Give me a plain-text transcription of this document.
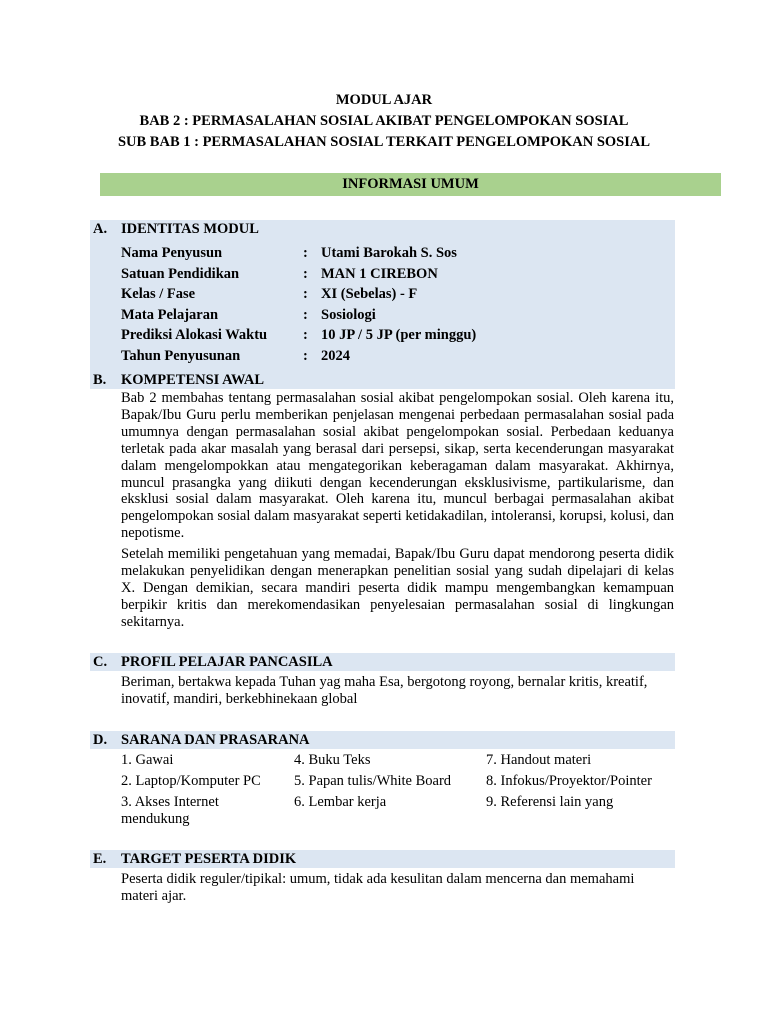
MODUL AJAR
BAB 2 : PERMASALAHAN SOSIAL AKIBAT PENGELOMPOKAN SOSIAL
SUB BAB 1 : PERMASALAHAN SOSIAL TERKAIT PENGELOMPOKAN SOSIAL
INFORMASI UMUM
A. IDENTITAS MODUL
Nama Penyusun	: Utami Barokah S. Sos
Satuan Pendidikan	: MAN 1 CIREBON
Kelas / Fase	: XI (Sebelas) - F
Mata Pelajaran	: Sosiologi
Prediksi Alokasi Waktu	: 10 JP / 5 JP (per minggu)
Tahun Penyusunan	: 2024
B. KOMPETENSI AWAL
Bab 2 membahas tentang permasalahan sosial akibat pengelompokan sosial. Oleh karena itu, Bapak/Ibu Guru perlu memberikan penjelasan mengenai perbedaan permasalahan sosial pada umumnya dengan permasalahan sosial akibat pengelompokan sosial. Perbedaan keduanya terletak pada akar masalah yang berasal dari persepsi, sikap, serta kecenderungan masyarakat dalam mengelompokkan atau mengategorikan keberagaman dalam masyarakat. Akhirnya, muncul prasangka yang diikuti dengan kecenderungan eksklusivisme, partikularisme, dan eksklusi sosial dalam masyarakat. Oleh karena itu, muncul berbagai permasalahan akibat pengelompokan sosial dalam masyarakat seperti ketidakadilan, intoleransi, korupsi, kolusi, dan nepotisme.
Setelah memiliki pengetahuan yang memadai, Bapak/Ibu Guru dapat mendorong peserta didik melakukan penyelidikan dengan menerapkan penelitian sosial yang sudah dipelajari di kelas X. Dengan demikian, secara mandiri peserta didik mampu mengembangkan kemampuan berpikir kritis dan merekomendasikan penyelesaian permasalahan sosial di lingkungan sekitarnya.
C. PROFIL PELAJAR PANCASILA
Beriman, bertakwa kepada Tuhan yag maha Esa, bergotong royong, bernalar kritis, kreatif, inovatif, mandiri, berkebhinekaan global
D. SARANA DAN PRASARANA
1. Gawai	4. Buku Teks	7. Handout materi
2. Laptop/Komputer PC 5. Papan tulis/White Board 8. Infokus/Proyektor/Pointer
3. Akses Internet mendukung
6. Lembar kerja	9. Referensi lain yang
E. TARGET PESERTA DIDIK
Peserta didik reguler/tipikal: umum, tidak ada kesulitan dalam mencerna dan memahami materi ajar.
